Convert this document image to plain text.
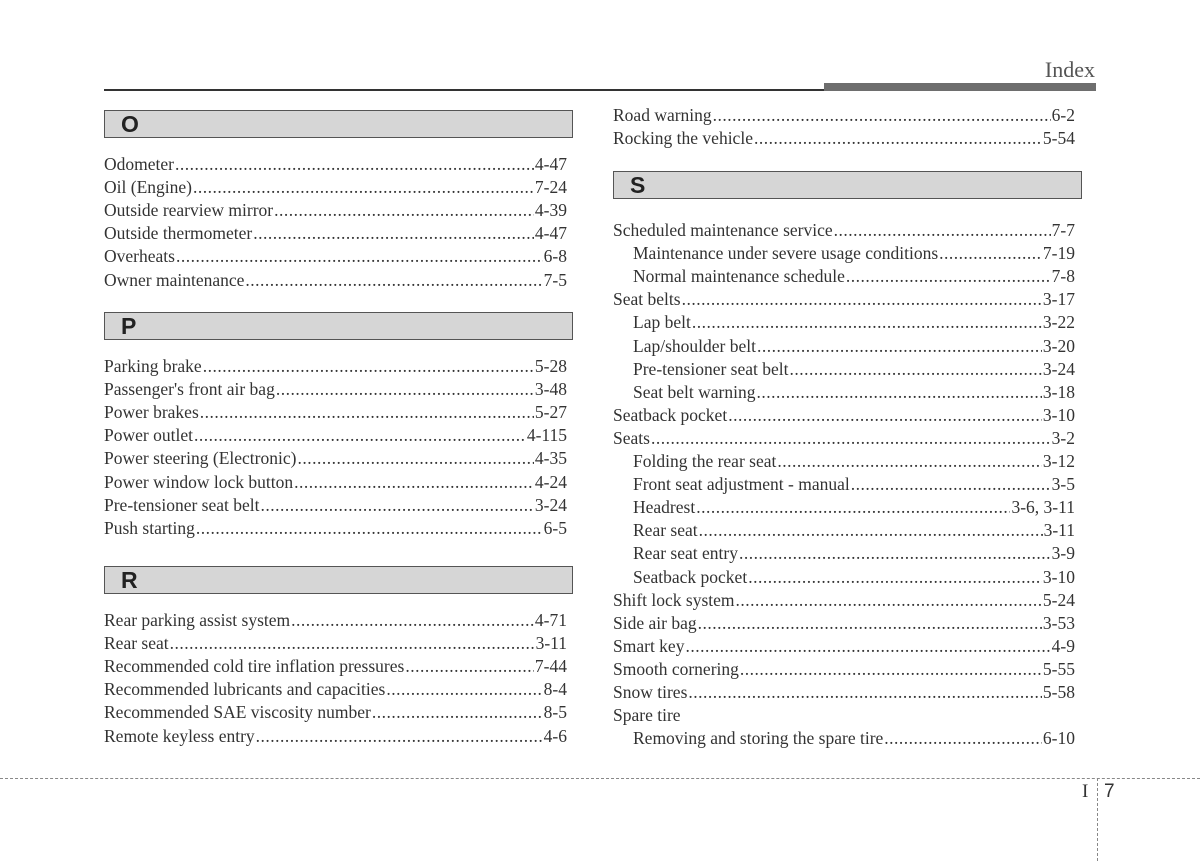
Index
O
Odometer .....	4-47
Oil (Engine) .....	7-24
Outside rearview mirror .....	4-39
Outside thermometer .....	4-47
Overheats .....	6-8
Owner maintenance .....	7-5
P
Parking brake .....	5-28
Passenger's front air bag .....	3-48
Power brakes .....	5-27
Power outlet .....	4-115
Power steering (Electronic) .....	4-35
Power window lock button .....	4-24
Pre-tensioner seat belt .....	3-24
Push starting .....	6-5
R
Rear parking assist system .....	4-71
Rear seat .....	3-11
Recommended cold tire inflation pressures .....	7-44
Recommended lubricants and capacities .....	8-4
Recommended SAE viscosity number .....	8-5
Remote keyless entry .....	4-6
Road warning .....	6-2
Rocking the vehicle .....	5-54
S
Scheduled maintenance service .....	7-7
Maintenance under severe usage conditions .....	7-19
Normal maintenance schedule .....	7-8
Seat belts .....	3-17
Lap belt .....	3-22
Lap/shoulder belt .....	3-20
Pre-tensioner seat belt .....	3-24
Seat belt warning .....	3-18
Seatback pocket .....	3-10
Seats .....	3-2
Folding the rear seat .....	3-12
Front seat adjustment - manual .....	3-5
Headrest .....	3-6, 3-11
Rear seat .....	3-11
Rear seat entry .....	3-9
Seatback pocket .....	3-10
Shift lock system .....	5-24
Side air bag .....	3-53
Smart key .....	4-9
Smooth cornering .....	5-55
Snow tires .....	5-58
Spare tire
Removing and storing the spare tire .....	6-10
I 7
